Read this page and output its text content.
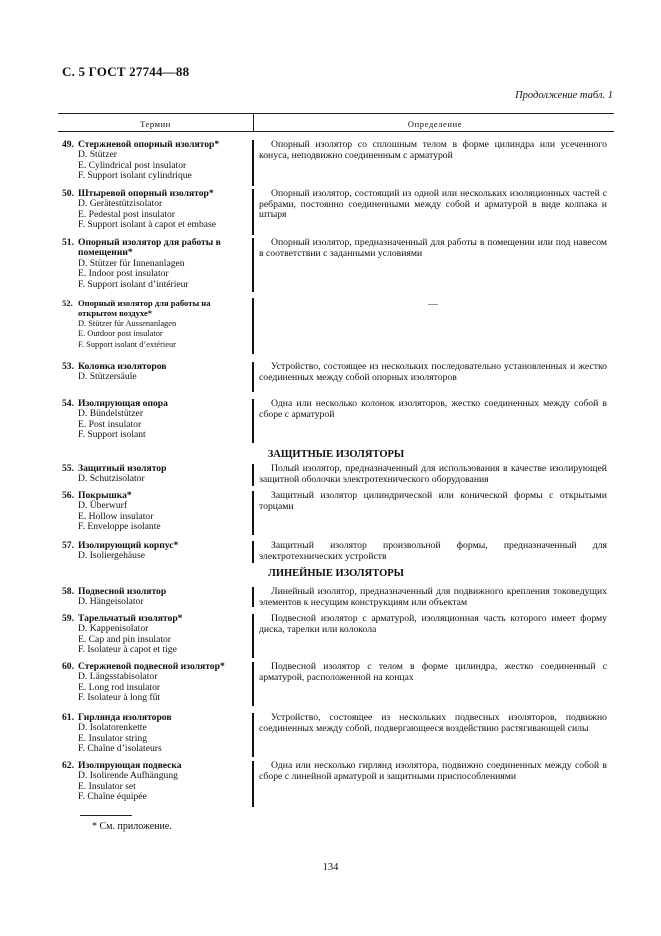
С. 5 ГОСТ 27744—88
Продолжение табл. 1
Термин	Определение
49. Стержневой опорный изолятор*
D. Stützer
E. Cylindrical post insulator
F. Support isolant cylindrique
Опорный изолятор со сплошным телом в форме цилиндра или усеченного конуса, неподвижно соединенным с арматурой
50. Штыревой опорный изолятор*
D. Gerätestützisolator
E. Pedestal post insulator
F. Support isolant à capot et embase
Опорный изолятор, состоящий из одной или нескольких изоляционных частей с ребрами, постоянно соединенными между собой и арматурой в виде колпака и штыря
51. Опорный изолятор для работы в
помещении*
D. Stützer für Innenanlagen
E. Indoor post insulator
F. Support isolant d’intérieur
Опорный изолятор, предназначенный для работы в помещении или под навесом в соответствии с заданными условиями
52. Опорный изолятор для работы на
открытом воздухе*
D. Stützer für Aussenanlagen
E. Outdoor post insulator
F. Support isolant d’extérieur
—
53. Колонка изоляторов
D. Stützersäule
Устройство, состоящее из нескольких последовательно установленных и жестко соединенных между собой опорных изоляторов
54. Изолирующая опора
D. Bündelstützer
E. Post insulator
F. Support isolant
Одна или несколько колонок изоляторов, жестко соединенных между собой в сборе с арматурой
55. Защитный изолятор
D. Schutzisolator
Полый изолятор, предназначенный для использования в качестве изолирующей защитной оболочки электротехнического оборудования
56. Покрышка*
D. Überwurf
E. Hollow insulator
F. Enveloppe isolante
Защитный изолятор цилиндрической или конической формы с открытыми торцами
57. Изолирующий корпус*
D. Isoliergehäuse
Защитный изолятор произвольной формы, предназначенный для электротехнических устройств
58. Подвесной изолятор
D. Hängeisolator
Линейный изолятор, предназначенный для подвижного крепления токоведущих элементов к несущим конструкциям или объектам
59. Тарельчатый изолятор*
D. Kappenisolator
E. Cap and pin insulator
F. Isolateur à capot et tige
Подвесной изолятор с арматурой, изоляционная часть которого имеет форму диска, тарелки или колокола
60. Стержневой подвесной изолятор*
D. Längsstabisolator
E. Long rod insulator
F. Isolateur à long fût
Подвесной изолятор с телом в форме цилиндра, жестко соединенный с арматурой, расположенной на концах
61. Гирлянда изоляторов
D. Isolatorenkette
E. Insulator string
F. Chaîne d’isolateurs
Устройство, состоящее из нескольких подвесных изоляторов, подвижно соединенных между собой, подвергающееся воздействию растягивающей силы
62. Изолирующая подвеска
D. Isolirende Aufhängung
E. Insulator set
F. Chaîne équipée
Одна или несколько гирлянд изолятора, подвижно соединенных между собой в сборе с линейной арматурой и защитными приспособлениями
ЗАЩИТНЫЕ ИЗОЛЯТОРЫ
ЛИНЕЙНЫЕ ИЗОЛЯТОРЫ
* См. приложение.
134
